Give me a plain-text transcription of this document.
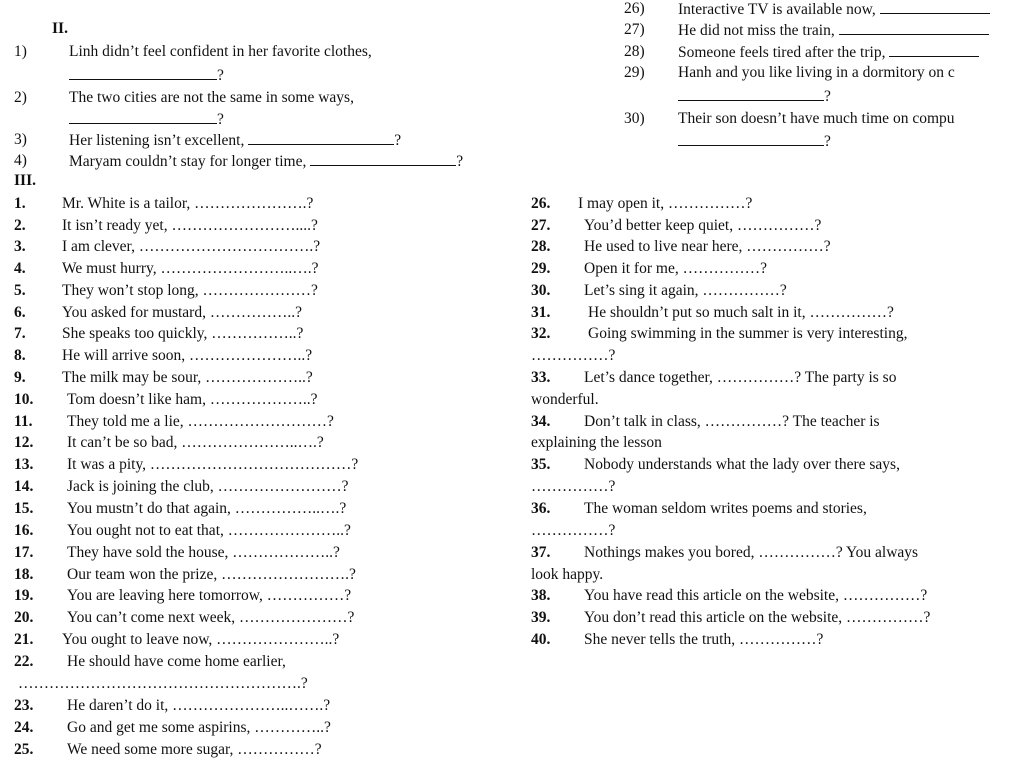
II.
1)	Linh didn’t feel confident in her favorite clothes,
?
2)	The two cities are not the same in some ways,
?
3)	Her listening isn’t excellent,	?
4)	Maryam couldn’t stay for longer time,	?
26) Interactive TV is available now,
27) He did not miss the train,
28) Someone feels tired after the trip,
29) Hanh and you like living in a dormitory on c
?
30) Their son doesn’t have much time on compu
?
III.
1. Mr. White is a tailor, ………………….?
2. It isn’t ready yet, ……………………....?
3. I am clever, …………………………….?
4. We must hurry, ……………………..….?
5. They won’t stop long, …………………?
6. You asked for mustard, ……………..?
7. She speaks too quickly, ……………..?
8. He will arrive soon, …………………..?
9. The milk may be sour, ………………..?
10. Tom doesn’t like ham, ………………..?
11. They told me a lie, ………………………?
12. It can’t be so bad, …………………..….?
13. It was a pity, …………………………………?
14. Jack is joining the club, ……………………?
15. You mustn’t do that again, ……………..….?
16. You ought not to eat that, …………………..?
17. They have sold the house, ………………..?
18. Our team won the prize, …………………….?
19. You are leaving here tomorrow, ……………?
20. You can’t come next week, …………………?
21. You ought to leave now, …………………..?
22. He should have come home earlier,
……………………………………………….?
23. He daren’t do it, …………………..…….?
24. Go and get me some aspirins, …………..?
25. We need some more sugar, ……………?
26. I may open it, ……………?
27. You’d better keep quiet, ……………?
28. He used to live near here, ……………?
29. Open it for me, ……………?
30. Let’s sing it again, ……………?
31. He shouldn’t put so much salt in it, ……………?
32. Going swimming in the summer is very interesting,
……………?
33. Let’s dance together, ……………? The party is so
wonderful.
34. Don’t talk in class, ……………? The teacher is
explaining the lesson
35. Nobody understands what the lady over there says,
……………?
36. The woman seldom writes poems and stories,
……………?
37. Nothings makes you bored, ……………? You always
look happy.
38. You have read this article on the website, ……………?
39. You don’t read this article on the website, ……………?
40. She never tells the truth, ……………?
